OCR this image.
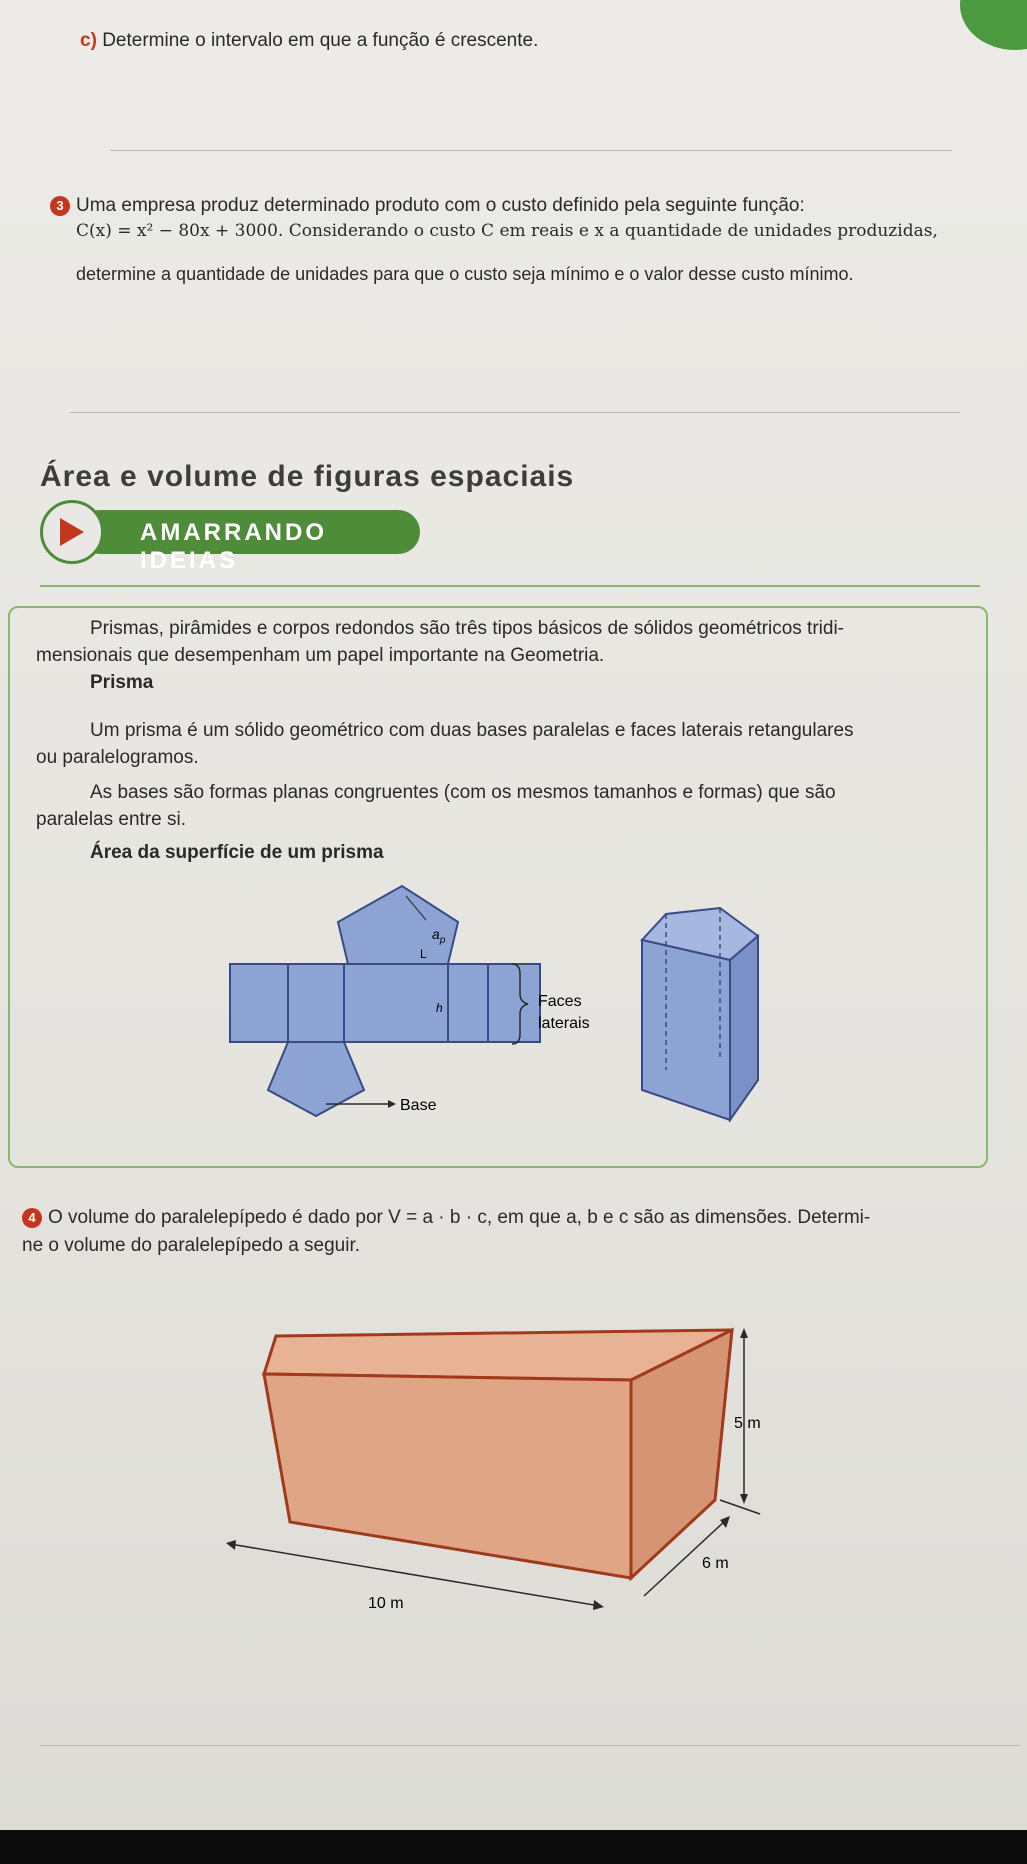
c) Determine o intervalo em que a função é crescente.
3 Uma empresa produz determinado produto com o custo definido pela seguinte função:
C(x) = x² − 80x + 3000. Considerando o custo C em reais e x a quantidade de unidades produzidas,
determine a quantidade de unidades para que o custo seja mínimo e o valor desse custo mínimo.
Área e volume de figuras espaciais
AMARRANDO IDEIAS
Prismas, pirâmides e corpos redondos são três tipos básicos de sólidos geométricos tridi-
mensionais que desempenham um papel importante na Geometria.
Prisma
Um prisma é um sólido geométrico com duas bases paralelas e faces laterais retangulares
ou paralelogramos.
As bases são formas planas congruentes (com os mesmos tamanhos e formas) que são
paralelas entre si.
Área da superfície de um prisma
$a_p$
L
h
Base
Faces
laterais
4 O volume do paralelepípedo é dado por V = a · b · c, em que a, b e c são as dimensões. Determi-
ne o volume do paralelepípedo a seguir.
5 m
6 m
10 m
